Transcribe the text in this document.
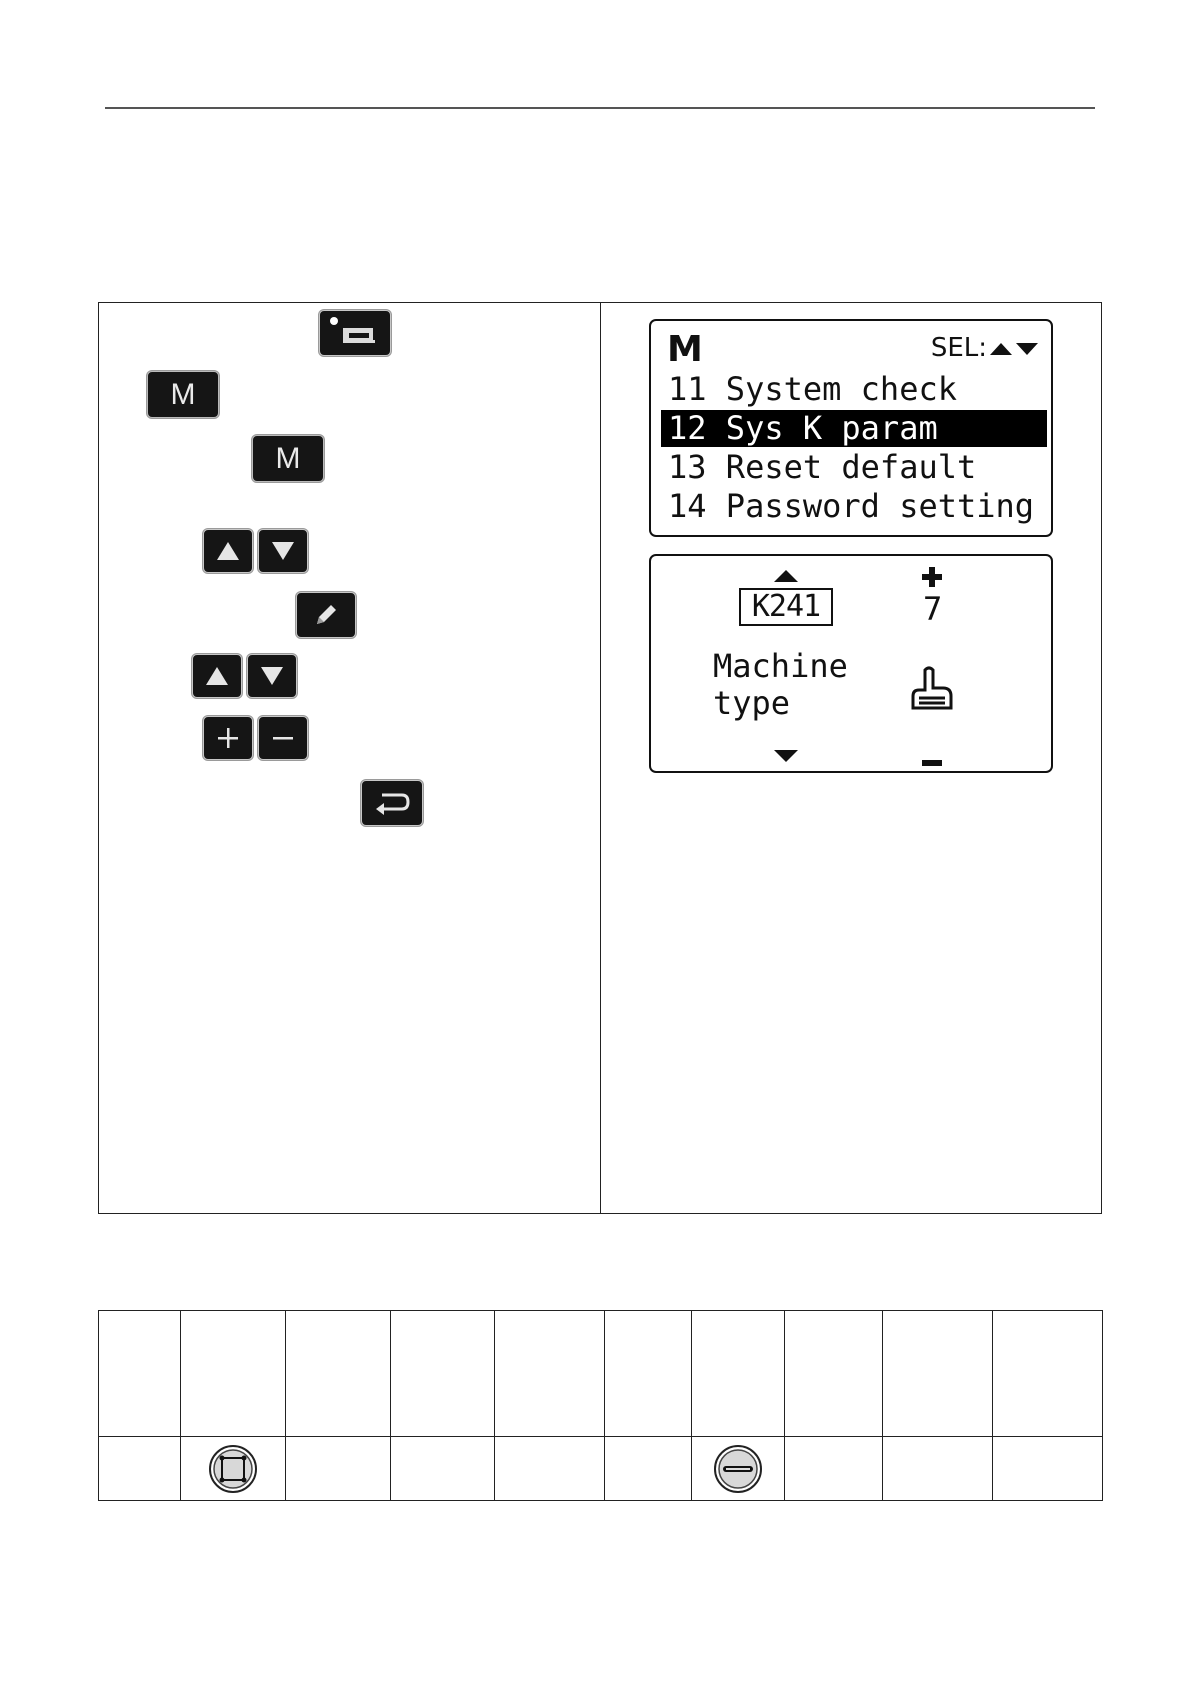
M
M
M	SEL:
11 System check
12 Sys K param
13 Reset default
14 Password setting
K241	7
Machine
type
